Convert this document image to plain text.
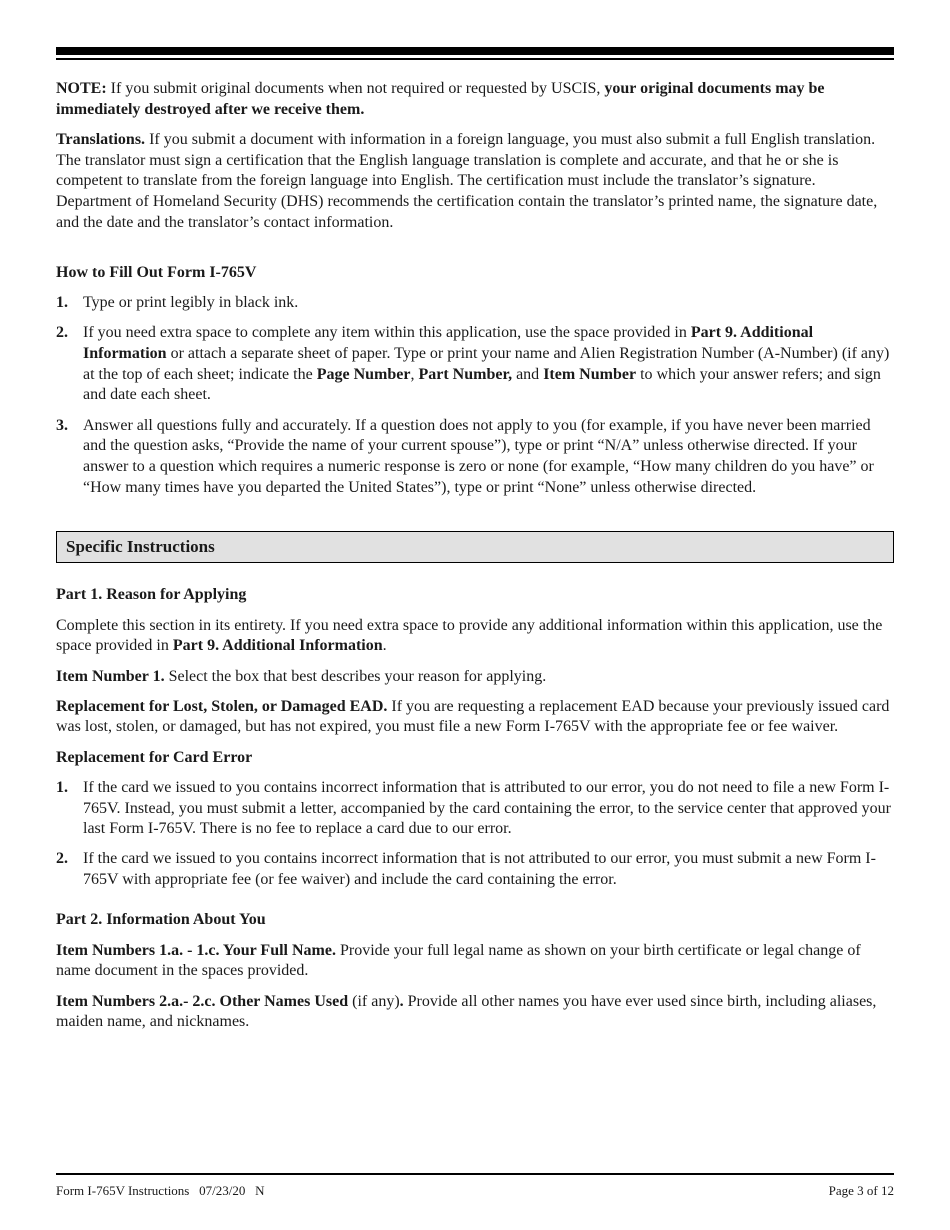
NOTE: If you submit original documents when not required or requested by USCIS, your original documents may be immediately destroyed after we receive them.

Translations. If you submit a document with information in a foreign language, you must also submit a full English translation. The translator must sign a certification that the English language translation is complete and accurate, and that he or she is competent to translate from the foreign language into English. The certification must include the translator’s signature. Department of Homeland Security (DHS) recommends the certification contain the translator’s printed name, the signature date, and the date and the translator’s contact information.

How to Fill Out Form I-765V
1. Type or print legibly in black ink.
2. If you need extra space to complete any item within this application, use the space provided in Part 9. Additional Information or attach a separate sheet of paper. Type or print your name and Alien Registration Number (A-Number) (if any) at the top of each sheet; indicate the Page Number, Part Number, and Item Number to which your answer refers; and sign and date each sheet.
3. Answer all questions fully and accurately. If a question does not apply to you (for example, if you have never been married and the question asks, “Provide the name of your current spouse”), type or print “N/A” unless otherwise directed. If your answer to a question which requires a numeric response is zero or none (for example, “How many children do you have” or “How many times have you departed the United States”), type or print “None” unless otherwise directed.
Specific Instructions
Part 1. Reason for Applying

Complete this section in its entirety. If you need extra space to provide any additional information within this application, use the space provided in Part 9. Additional Information.

Item Number 1. Select the box that best describes your reason for applying.

Replacement for Lost, Stolen, or Damaged EAD. If you are requesting a replacement EAD because your previously issued card was lost, stolen, or damaged, but has not expired, you must file a new Form I-765V with the appropriate fee or fee waiver.

Replacement for Card Error
1. If the card we issued to you contains incorrect information that is attributed to our error, you do not need to file a new Form I-765V. Instead, you must submit a letter, accompanied by the card containing the error, to the service center that approved your last Form I-765V. There is no fee to replace a card due to our error.
2. If the card we issued to you contains incorrect information that is not attributed to our error, you must submit a new Form I-765V with appropriate fee (or fee waiver) and include the card containing the error.
Part 2. Information About You

Item Numbers 1.a. - 1.c. Your Full Name. Provide your full legal name as shown on your birth certificate or legal change of name document in the spaces provided.

Item Numbers 2.a.- 2.c. Other Names Used (if any). Provide all other names you have ever used since birth, including aliases, maiden name, and nicknames.

Form I-765V Instructions   07/23/20   N	Page 3 of 12
